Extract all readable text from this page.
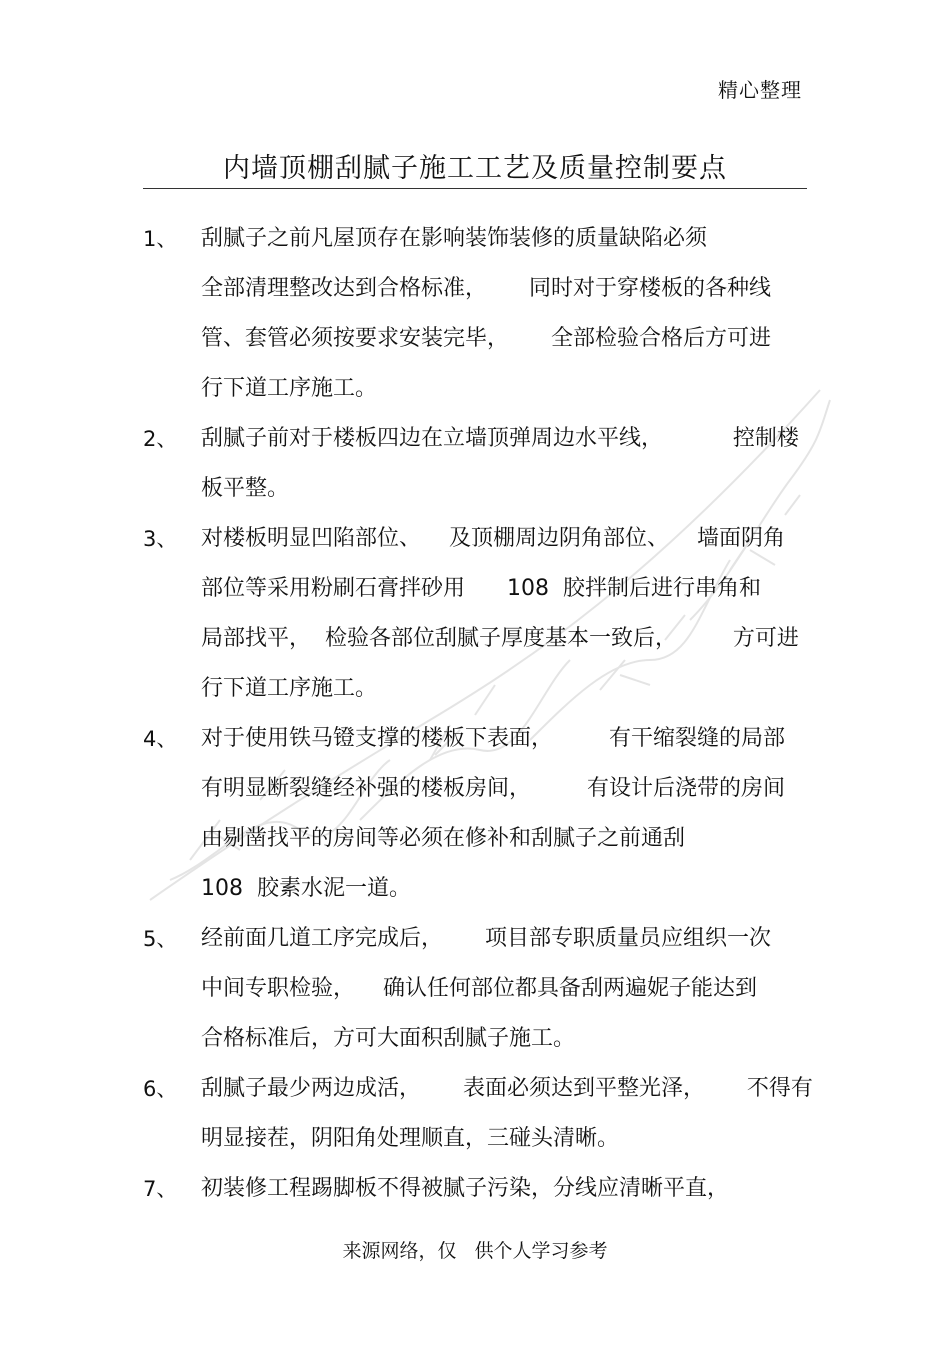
精心整理
内墙顶棚刮腻子施工工艺及质量控制要点
1、 刮腻子之前凡屋顶存在影响装饰装修的质量缺陷必须
全部清理整改达到合格标准，      同时对于穿楼板的各种线
管、套管必须按要求安装完毕，      全部检验合格后方可进
行下道工序施工。
2、 刮腻子前对于楼板四边在立墙顶弹周边水平线，          控制楼
板平整。
3、 对楼板明显凹陷部位、    及顶棚周边阴角部位、    墙面阴角
部位等采用粉刷石膏拌砂用      108  胶拌制后进行串角和
局部找平，  检验各部位刮腻子厚度基本一致后，        方可进
行下道工序施工。
4、 对于使用铁马镫支撑的楼板下表面，        有干缩裂缝的局部
有明显断裂缝经补强的楼板房间，        有设计后浇带的房间
由剔凿找平的房间等必须在修补和刮腻子之前通刮
108  胶素水泥一道。
5、 经前面几道工序完成后，      项目部专职质量员应组织一次
中间专职检验，    确认任何部位都具备刮两遍妮子能达到
合格标准后，方可大面积刮腻子施工。
6、 刮腻子最少两边成活，      表面必须达到平整光泽，      不得有
明显接茬，阴阳角处理顺直，三碰头清晰。
7、 初装修工程踢脚板不得被腻子污染，分线应清晰平直，
来源网络，仅   供个人学习参考
